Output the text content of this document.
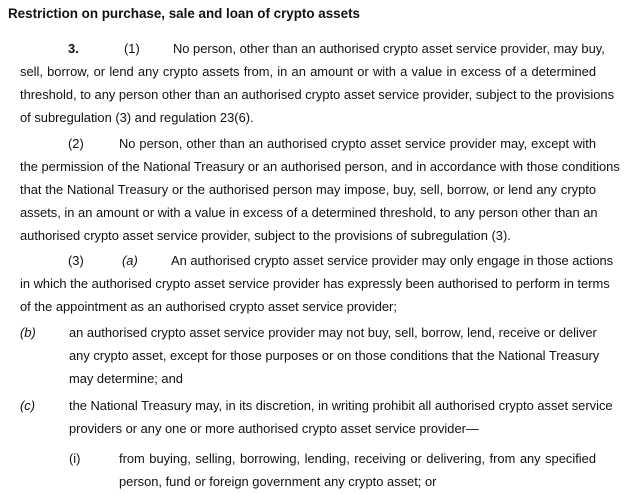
Restriction on purchase, sale and loan of crypto assets
3.	(1)	No person, other than an authorised crypto asset service provider, may buy,
sell, borrow, or lend any crypto assets from, in an amount or with a value in excess of a determined
threshold, to any person other than an authorised crypto asset service provider, subject to the provisions
of subregulation (3) and regulation 23(6).
(2)	No person, other than an authorised crypto asset service provider may, except with
the permission of the National Treasury or an authorised person, and in accordance with those conditions
that the National Treasury or the authorised person may impose, buy, sell, borrow, or lend any crypto
assets, in an amount or with a value in excess of a determined threshold, to any person other than an
authorised crypto asset service provider, subject to the provisions of subregulation (3).
(3)	(a)	An authorised crypto asset service provider may only engage in those actions
in which the authorised crypto asset service provider has expressly been authorised to perform in terms
of the appointment as an authorised crypto asset service provider;
(b)	an authorised crypto asset service provider may not buy, sell, borrow, lend, receive or deliver
any crypto asset, except for those purposes or on those conditions that the National Treasury
may determine; and
(c)	the National Treasury may, in its discretion, in writing prohibit all authorised crypto asset service
providers or any one or more authorised crypto asset service provider—
(i)	from buying, selling, borrowing, lending, receiving or delivering, from any specified
person, fund or foreign government any crypto asset; or
